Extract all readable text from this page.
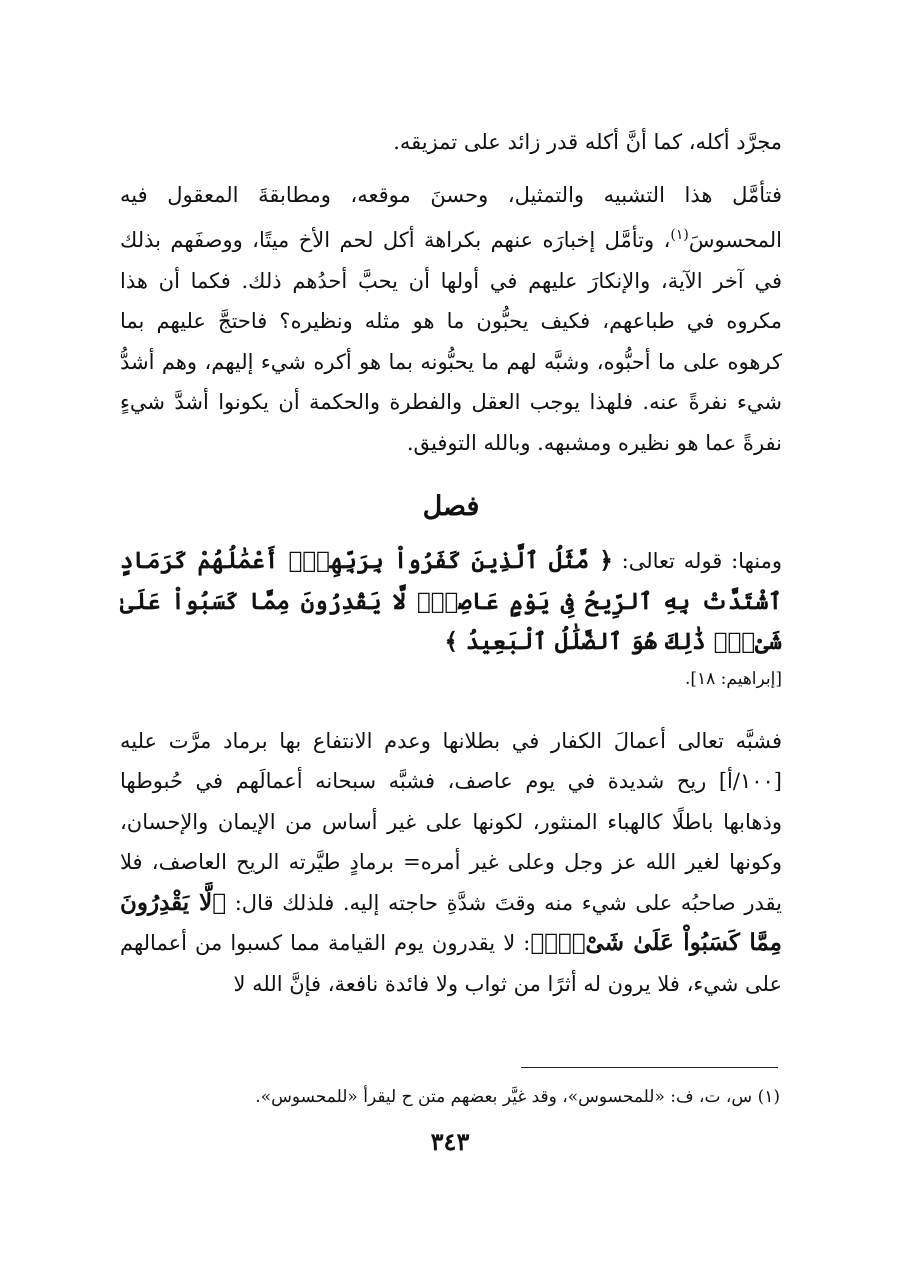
مجرَّد أكله، كما أنَّ أكله قدر زائد على تمزيقه.

فتأمَّل هذا التشبيه والتمثيل، وحسنَ موقعه، ومطابقةَ المعقول فيه المحسوسَ$^{(١)}$، وتأمَّل إخبارَه عنهم بكراهة أكل لحم الأخ ميتًا، ووصفَهم بذلك في آخر الآية، والإنكارَ عليهم في أولها أن يحبَّ أحدُهم ذلك. فكما أن هذا مكروه في طباعهم، فكيف يحبُّون ما هو مثله ونظيره؟ فاحتجَّ عليهم بما كرهوه على ما أحبُّوه، وشبَّه لهم ما يحبُّونه بما هو أكره شيء إليهم، وهم أشدُّ شيء نفرةً عنه. فلهذا يوجب العقل والفطرة والحكمة أن يكونوا أشدَّ شيءٍ نفرةً عما هو نظيره ومشبهه. وبالله التوفيق.

فصل

ومنها: قوله تعالى: ﴿ مَّثَلُ ٱلَّذِينَ كَفَرُواْ بِرَبِّهِمْۖ أَعْمَٰلُهُمْ كَرَمَادٍ ٱشْتَدَّتْ بِهِ ٱلرِّيحُ فِى يَوْمٍ عَاصِفٍۖ لَّا يَقْدِرُونَ مِمَّا كَسَبُواْ عَلَىٰ شَىْءٍۚ ذَٰلِكَ هُوَ ٱلضَّلَٰلُ ٱلْبَعِيدُ ﴾

[إبراهيم: ١٨].

فشبَّه تعالى أعمالَ الكفار في بطلانها وعدم الانتفاع بها برماد مرَّت عليه [١٠٠/أ] ريح شديدة في يوم عاصف، فشبَّه سبحانه أعمالَهم في حُبوطها وذهابها باطلًا كالهباء المنثور، لكونها على غير أساس من الإيمان والإحسان، وكونها لغير الله عز وجل وعلى غير أمره= برمادٍ طيَّرته الريح العاصف، فلا يقدر صاحبُه على شيء منه وقتَ شدَّةِ حاجته إليه. فلذلك قال: ﴿لَّا يَقْدِرُونَ مِمَّا كَسَبُواْ عَلَىٰ شَىْءٍۚ﴾: لا يقدرون يوم القيامة مما كسبوا من أعمالهم على شيء، فلا يرون له أثرًا من ثواب ولا فائدة نافعة، فإنَّ الله لا

(١) س، ت، ف: «للمحسوس»، وقد غيَّر بعضهم متن ح ليقرأ «للمحسوس».
٣٤٣
